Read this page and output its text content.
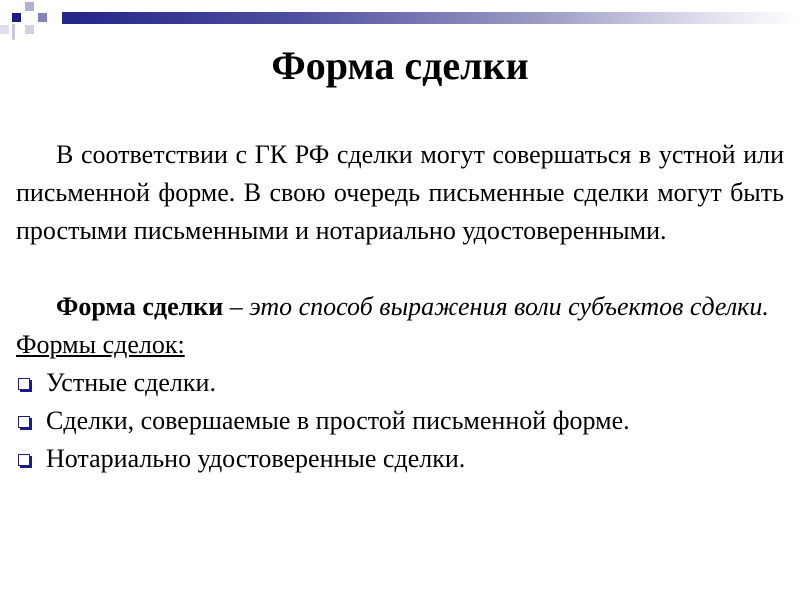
Форма сделки

В соответствии с ГК РФ сделки могут совершаться в устной или письменной форме. В свою очередь письменные сделки могут быть простыми письменными и нотариально удостоверенными.

Форма сделки – это способ выражения воли субъектов сделки.

Формы сделок:

Устные сделки.
Сделки, совершаемые в простой письменной форме.
Нотариально удостоверенные сделки.
